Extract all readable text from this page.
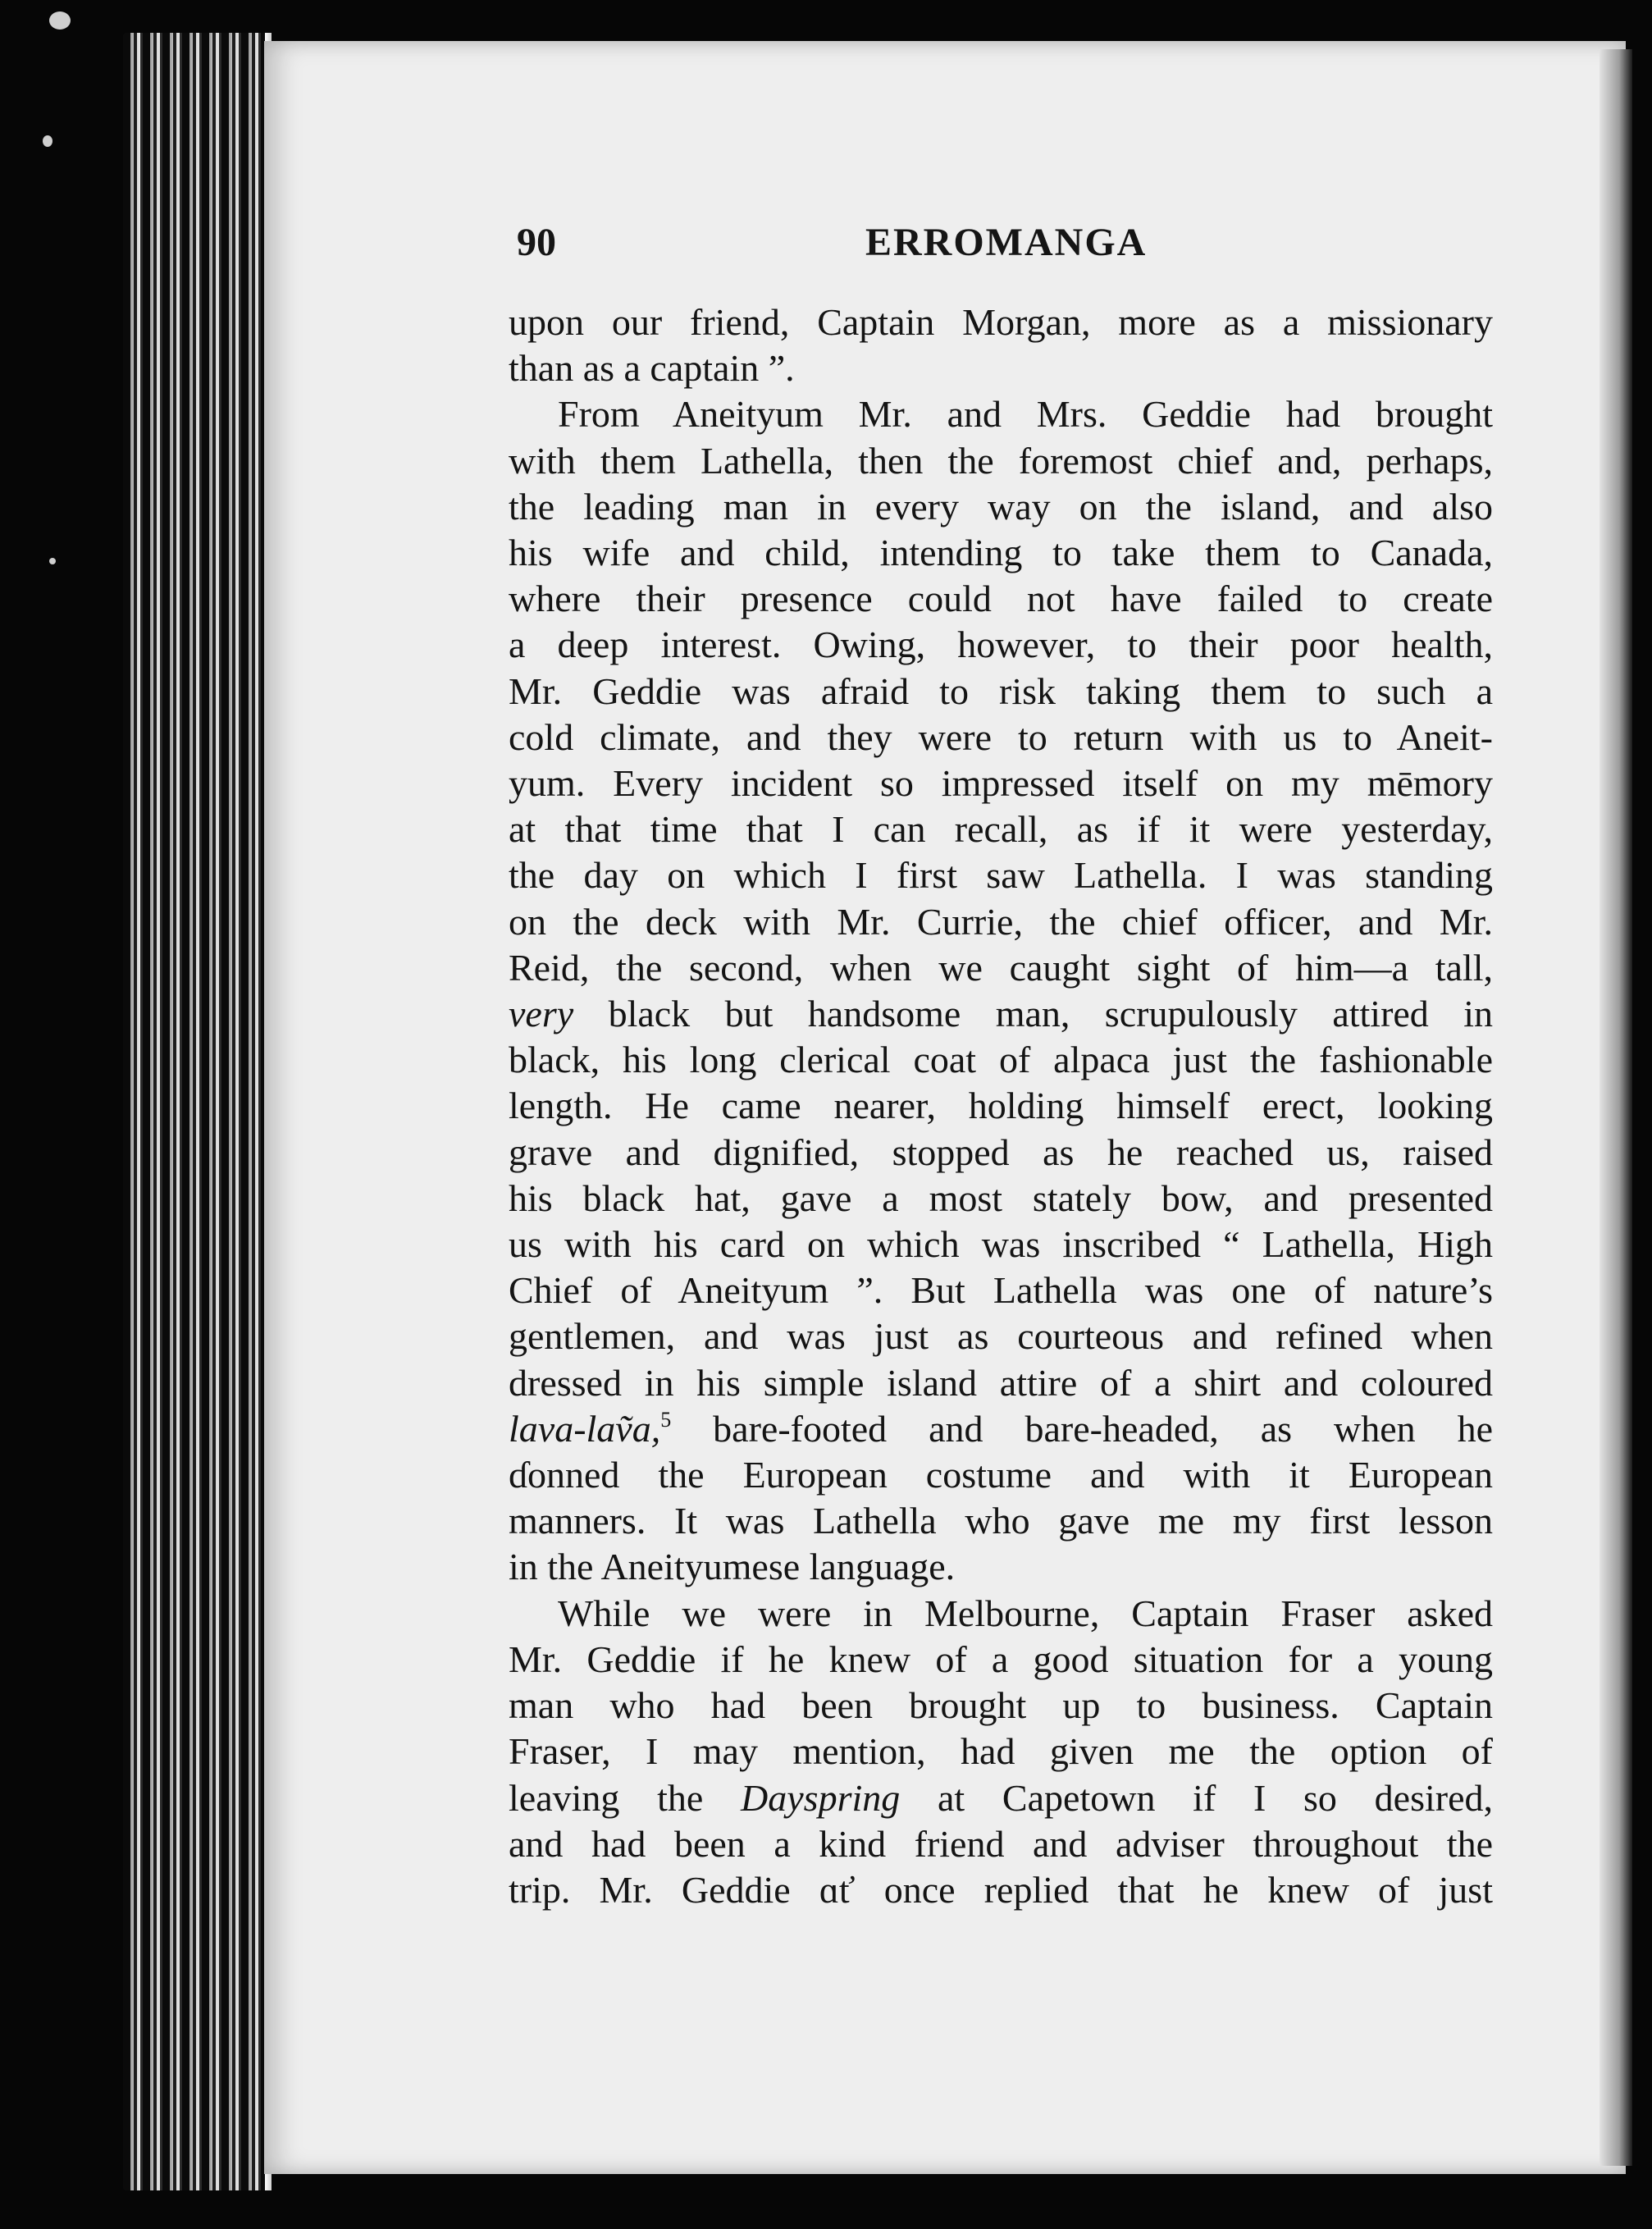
90	ERROMANGA
upon our friend, Captain Morgan, more as a missionary
than as a captain ”.
From Aneityum Mr. and Mrs. Geddie had brought
with them Lathella, then the foremost chief and, perhaps,
the leading man in every way on the island, and also
his wife and child, intending to take them to Canada,
where their presence could not have failed to create
a deep interest. Owing, however, to their poor health,
Mr. Geddie was afraid to risk taking them to such a
cold climate, and they were to return with us to Aneit-
yum. Every incident so impressed itself on my mēmory
at that time that I can recall, as if it were yesterday,
the day on which I first saw Lathella. I was standing
on the deck with Mr. Currie, the chief officer, and Mr.
Reid, the second, when we caught sight of him—a tall,
very black but handsome man, scrupulously attired in
black, his long clerical coat of alpaca just the fashionable
length. He came nearer, holding himself erect, looking
grave and dignified, stopped as he reached us, raised
his black hat, gave a most stately bow, and presented
us with his card on which was inscribed “ Lathella, High
Chief of Aneityum ”. But Lathella was one of nature’s
gentlemen, and was just as courteous and refined when
dressed in his simple island attire of a shirt and coloured
lava-laṽa,$^5$ bare-footed and bare-headed, as when he
ɗonned the European costume and with it European
manners. It was Lathella who gave me my first lesson
in the Aneityumese language.
While we were in Melbourne, Captain Fraser asked
Mr. Geddie if he knew of a good situation for a young
man who had been brought up to business. Captain
Fraser, I may mention, had given me the option of
leaving the Dayspring at Capetown if I so desired,
and had been a kind friend and adviser throughout the
trip. Mr. Geddie ɑť once replied that he knew of just
